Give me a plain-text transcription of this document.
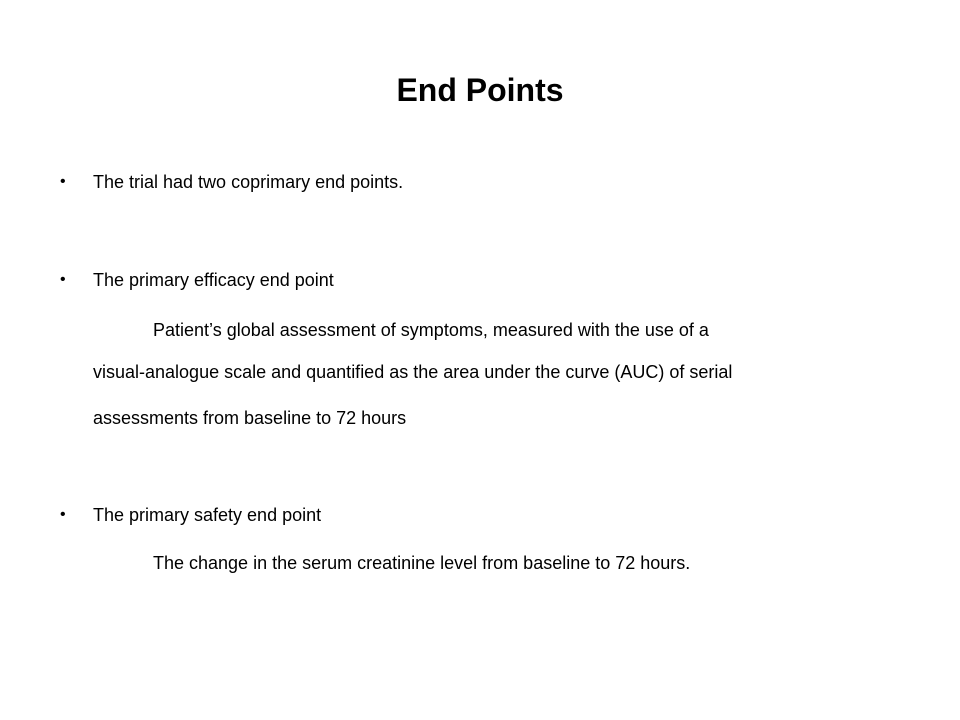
End Points
•	The trial had two coprimary end points.
•	The primary efficacy end point
Patient’s global assessment of symptoms, measured with the use of a
visual-analogue scale and quantified as the area under the curve (AUC) of serial
assessments from baseline to 72 hours
•	The primary safety end point
The change in the serum creatinine level from baseline to 72 hours.
